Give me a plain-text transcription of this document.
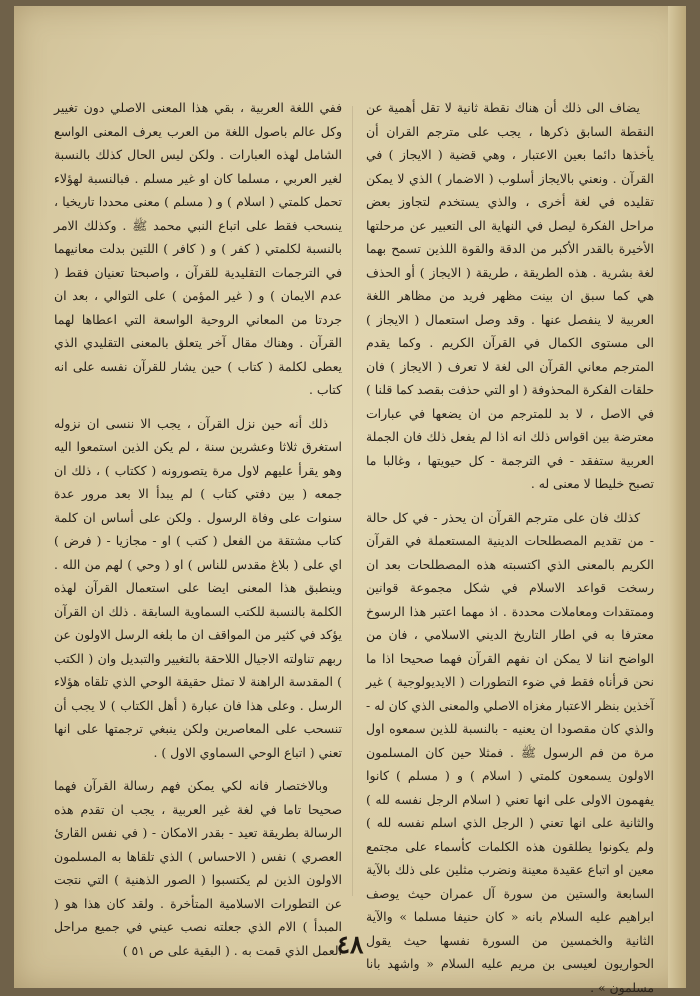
يضاف الى ذلك أن هناك نقطة ثانية لا تقل أهمية عن النقطة السابق ذكرها ، يجب على مترجم القران أن يأخذها دائما بعين الاعتبار ، وهي قضية ( الايجاز ) في القرآن . ونعني بالايجاز أسلوب ( الاضمار ) الذي لا يمكن تقليده في لغة أخرى ، والذي يستخدم لتجاوز بعض مراحل الفكرة ليصل في النهاية الى التعبير عن مرحلتها الأخيرة بالقدر الأكبر من الدقة والقوة اللذين تسمح بهما لغة بشرية . هذه الطريقة ، طريقة ( الايجاز ) أو الحذف هي كما سبق ان بينت مظهر فريد من مظاهر اللغة العربية لا ينفصل عنها . وقد وصل استعمال ( الايجاز ) الى مستوى الكمال في القرآن الكريم . وكما يقدم المترجم معاني القرآن الى لغة لا تعرف ( الايجاز ) فان حلقات الفكرة المحذوفة ( او التي حذفت بقصد كما قلنا ) في الاصل ، لا بد للمترجم من ان يضعها في عبارات معترضة بين اقواس ذلك انه اذا لم يفعل ذلك فان الجملة العربية ستفقد - في الترجمة - كل حيويتها ، وغالبا ما تصبح خليطا لا معنى له .

كذلك فان على مترجم القرآن ان يحذر - في كل حالة - من تقديم المصطلحات الدينية المستعملة في القرآن الكريم بالمعنى الذي اكتسبته هذه المصطلحات بعد ان رسخت قواعد الاسلام في شكل مجموعة قوانين وممتقدات ومعاملات محددة . اذ مهما اعتبر هذا الرسوخ معترفا به في اطار التاريخ الديني الاسلامي ، فان من الواضح اننا لا يمكن ان نفهم القرآن فهما صحيحا اذا ما نحن قرأناه فقط في ضوء التطورات ( الايديولوجية ) غير آخذين بنظر الاعتبار مغزاه الاصلي والمعنى الذي كان له - والذي كان مقصودا ان يعنيه - بالنسبة للذين سمعوه اول مرة من فم الرسول ﷺ . فمثلا حين كان المسلمون الاولون يسمعون كلمتي ( اسلام ) و ( مسلم ) كانوا يفهمون الاولى على انها تعني ( اسلام الرجل نفسه لله ) والثانية على انها تعني ( الرجل الذي اسلم نفسه لله ) ولم يكونوا يطلقون هذه الكلمات كأسماء على مجتمع معين او اتباع عقيدة معينة ونضرب مثلين على ذلك بالآية السابعة والستين من سورة آل عمران حيث يوصف ابراهيم عليه السلام بانه « كان حنيفا مسلما » والآية الثانية والخمسين من السورة نفسها حيث يقول الحواريون لعيسى بن مريم عليه السلام « واشهد بانا مسلمون » .

ففي اللغة العربية ، بقي هذا المعنى الاصلي دون تغيير وكل عالم باصول اللغة من العرب يعرف المعنى الواسع الشامل لهذه العبارات . ولكن ليس الحال كذلك بالنسبة لغير العربي ، مسلما كان او غير مسلم . فبالنسبة لهؤلاء تحمل كلمتي ( اسلام ) و ( مسلم ) معنى محددا تاريخيا ، ينسحب فقط على اتباع النبي محمد ﷺ . وكذلك الامر بالنسبة لكلمتي ( كفر ) و ( كافر ) اللتين بدلت معانيهما في الترجمات التقليدية للقرآن ، واصبحتا تعنيان فقط ( عدم الايمان ) و ( غير المؤمن ) على التوالي ، بعد ان جردتا من المعاني الروحية الواسعة التي اعطاها لهما القرآن . وهناك مقال آخر يتعلق بالمعنى التقليدي الذي يعطى لكلمة ( كتاب ) حين يشار للقرآن نفسه على انه كتاب .

ذلك أنه حين نزل القرآن ، يجب الا ننسى ان نزوله استغرق ثلاثا وعشرين سنة ، لم يكن الذين استمعوا اليه وهو يقرأ عليهم لاول مرة يتصورونه ( ككتاب ) ، ذلك ان جمعه ( بين دفتي كتاب ) لم يبدأ الا بعد مرور عدة سنوات على وفاة الرسول . ولكن على أساس ان كلمة كتاب مشتقة من الفعل ( كتب ) او - مجازيا - ( فرض ) اي على ( بلاغ مقدس للناس ) او ( وحي ) لهم من الله . وينطبق هذا المعنى ايضا على استعمال القرآن لهذه الكلمة بالنسبة للكتب السماوية السابقة . ذلك ان القرآن يؤكد في كثير من المواقف ان ما بلغه الرسل الاولون عن ربهم تناولته الاجيال اللاحقة بالتغيير والتبديل وان ( الكتب ) المقدسة الراهنة لا تمثل حقيقة الوحي الذي تلقاه هؤلاء الرسل . وعلى هذا فان عبارة ( أهل الكتاب ) لا يجب أن تنسحب على المعاصرين ولكن ينبغي ترجمتها على انها تعني ( اتباع الوحي السماوي الاول ) .

وبالاختصار فانه لكي يمكن فهم رسالة القرآن فهما صحيحا تاما في لغة غير العربية ، يجب ان تقدم هذه الرسالة بطريقة تعيد - بقدر الامكان - ( في نفس القارئ العصري ) نفس ( الاحساس ) الذي تلقاها به المسلمون الاولون الذين لم يكتسبوا ( الصور الذهنية ) التي نتجت عن التطورات الاسلامية المتأخرة . ولقد كان هذا هو ( المبدأ ) الام الذي جعلته نصب عيني في جميع مراحل العمل الذي قمت به . ( البقية على ص ٥١ )

٤٨
